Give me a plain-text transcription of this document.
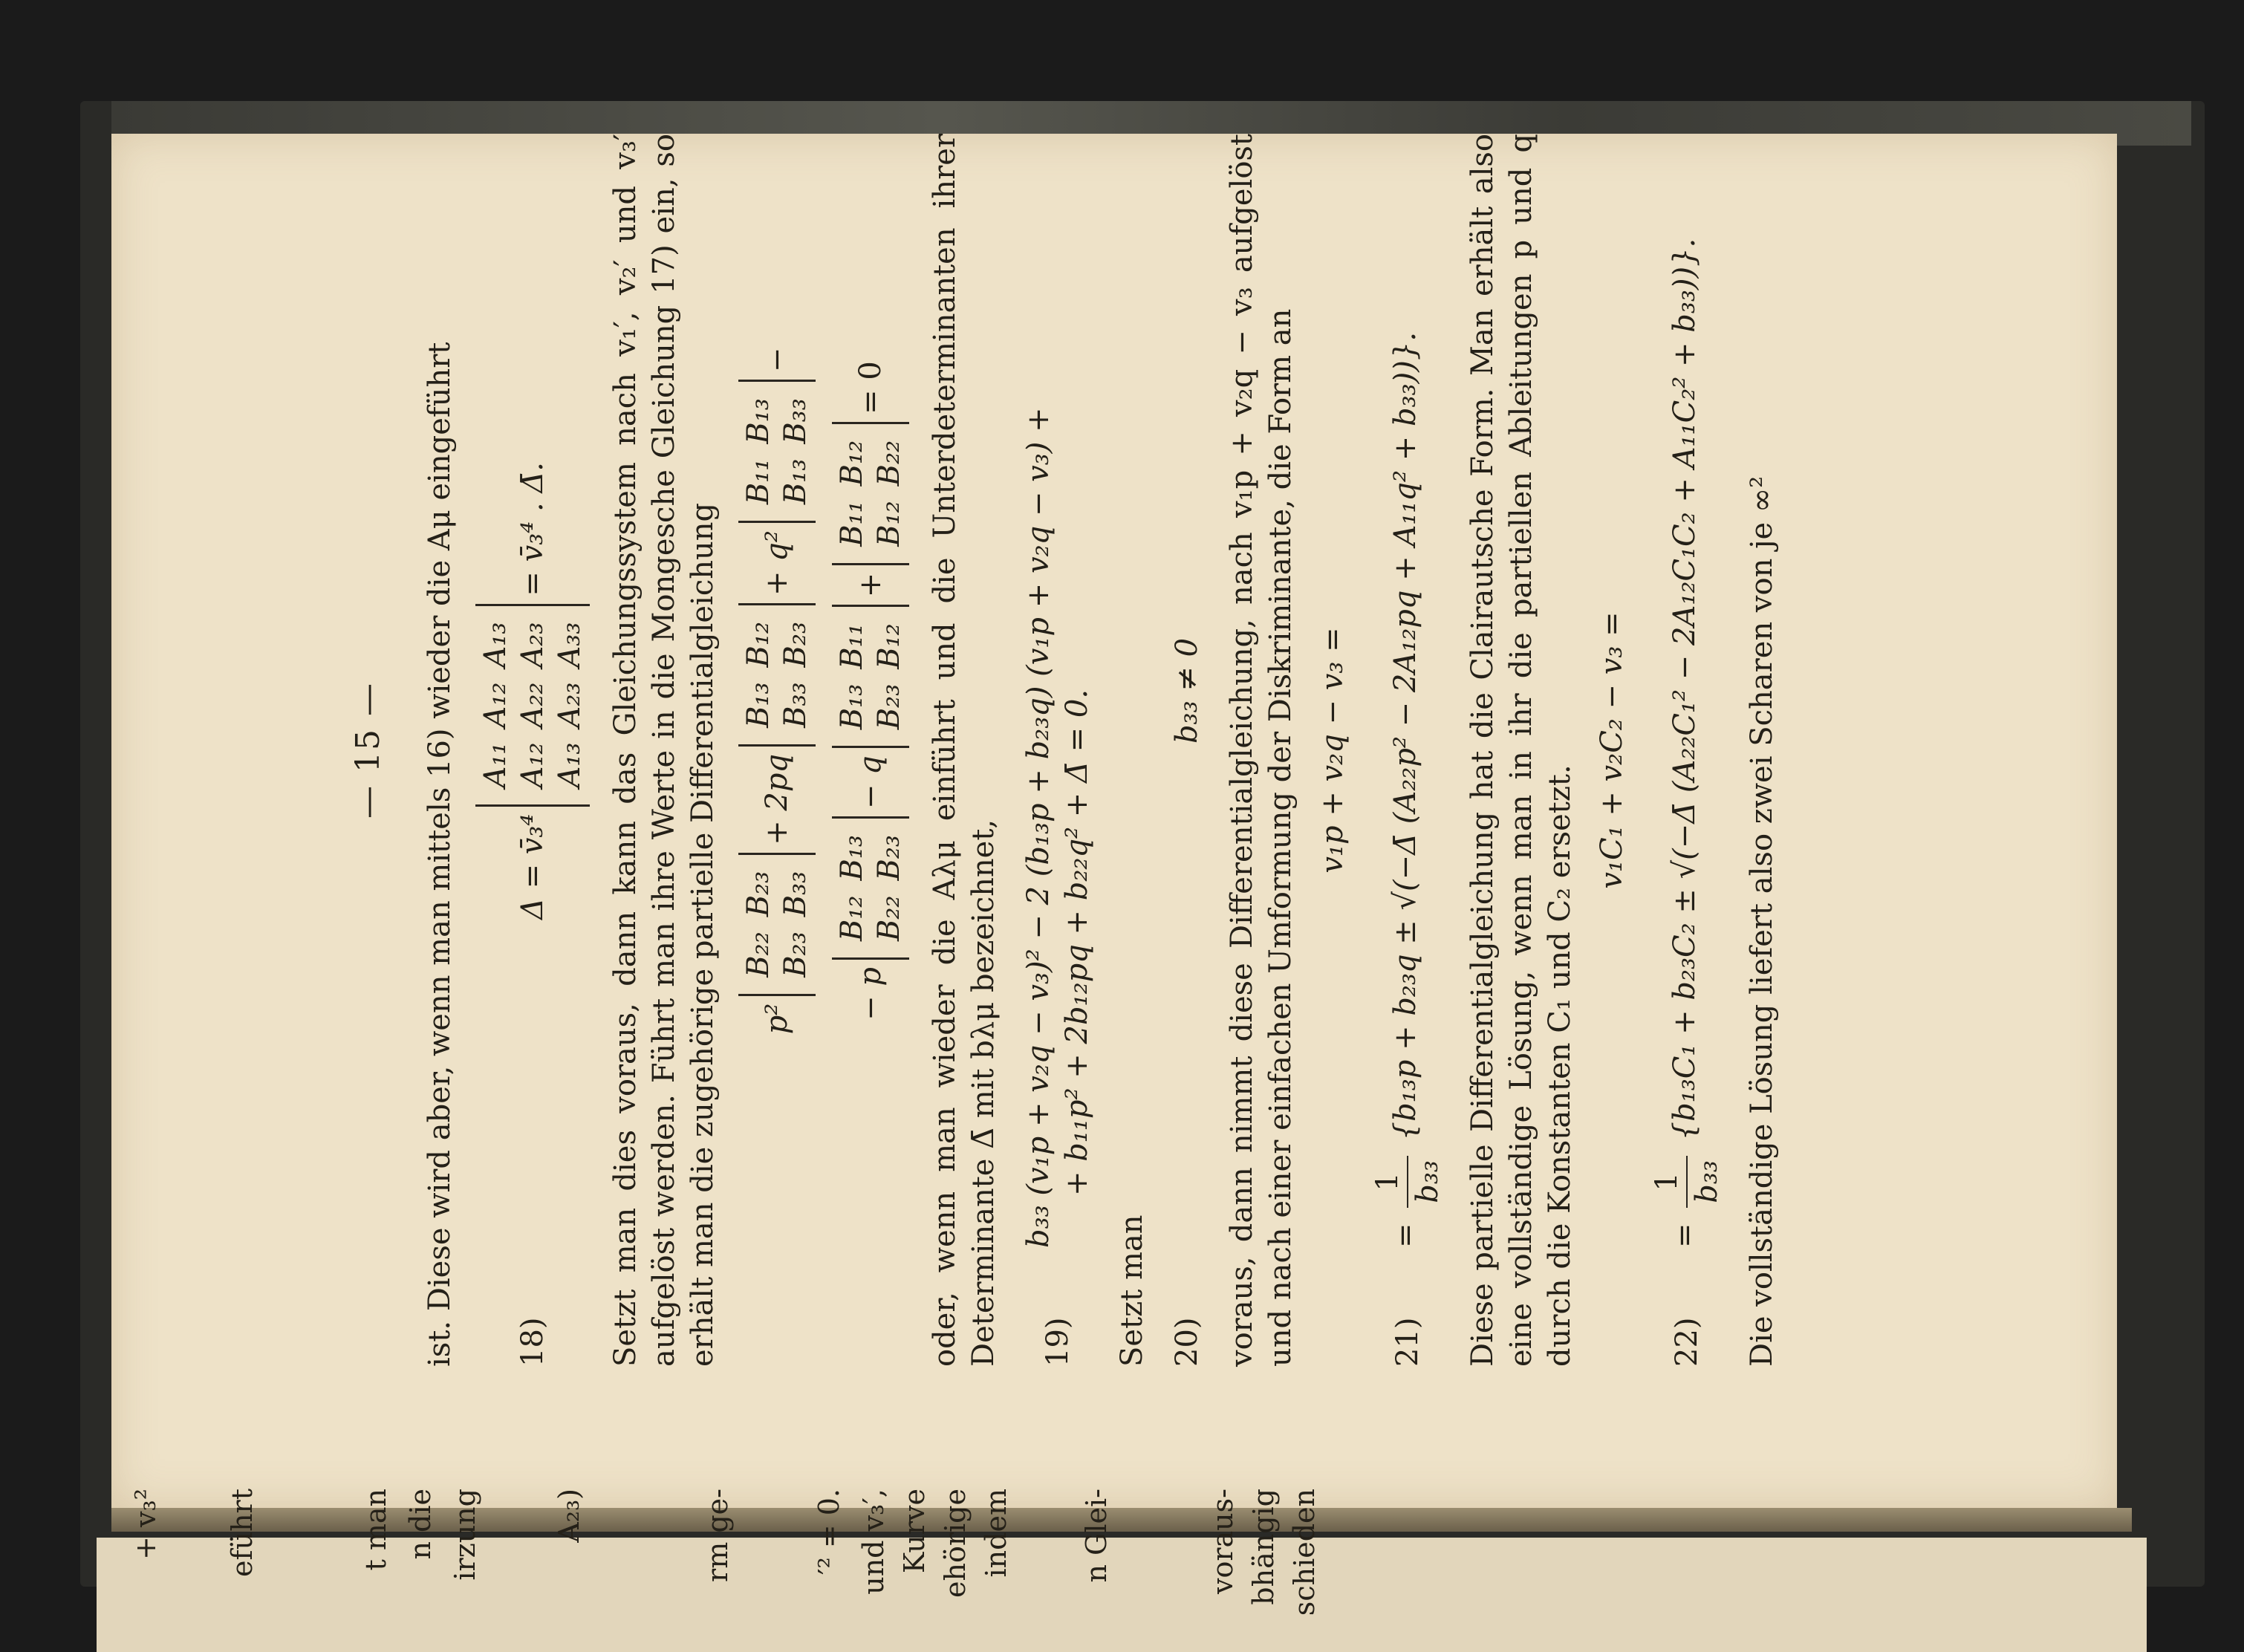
+ v₃² eführt	t man n die irzung	A₂₃)	rm ge-	′² = 0. und v₃′, Kurve ehörige indem n Glei-	voraus- bhängig schieden
— 15 — ist. Diese wird aber, wenn man mittels 16) wieder die Aμ eingeführt 18)
Δ = v̄₃⁴
A₁₁	A₁₂	A₁₃
A₁₂	A₂₂	A₂₃
A₁₃	A₂₃	A₃₃
= v̄₃⁴ . Δ̄. Setzt man dies voraus, dann kann das Gleichungssystem nach v₁′, v₂′ und v₃′ aufgelöst werden. Führt man ihre Werte in die Mongesche Gleichung 17) ein, so erhält man die zugehörige partielle Differentialgleichung p²
B₂₂	B₂₃
B₂₃	B₃₃
+ 2pq
B₁₃	B₁₂
B₃₃	B₂₃
+ q²
B₁₁	B₁₃
B₁₃	B₃₃
−
− p
B₁₂	B₁₃
B₂₂	B₂₃
− q
B₁₃	B₁₁
B₂₃	B₁₂
+
B₁₁	B₁₂
B₁₂	B₂₂
= 0 oder, wenn man wieder die Aλμ einführt und die Unterdeterminanten ihrer Determinante Δ̄ mit bλμ bezeichnet, 19)
b₃₃ (v₁p + v₂q − v₃)² − 2 (b₁₃p + b₂₃q) (v₁p + v₂q − v₃) + + b₁₁p² + 2b₁₂pq + b₂₂q² + Δ̄ = 0.

Setzt man 20)
b₃₃ ≠ 0 voraus, dann nimmt diese Differentialgleichung, nach v₁p + v₂q − v₃ aufgelöst und nach einer einfachen Umformung der Diskriminante, die Form an v₁p + v₂q − v₃ =
21)
=
1 b₃₃
{b₁₃p + b₂₃q ± √(−Δ̄ (A₂₂p² − 2A₁₂pq + A₁₁q² + b₃₃))}.	Diese partielle Differentialgleichung hat die Clairautsche Form. Man erhält also eine vollständige Lösung, wenn man in ihr die partiellen Ableitungen p und q durch die Konstanten C₁ und C₂ ersetzt.

v₁C₁ + v₂C₂ − v₃ =
22)
=
1 b₃₃
{b₁₃C₁ + b₂₃C₂ ± √(−Δ̄ (A₂₂C₁² − 2A₁₂C₁C₂ + A₁₁C₂² + b₃₃))}.	Die vollständige Lösung liefert also zwei Scharen von je ∞²
